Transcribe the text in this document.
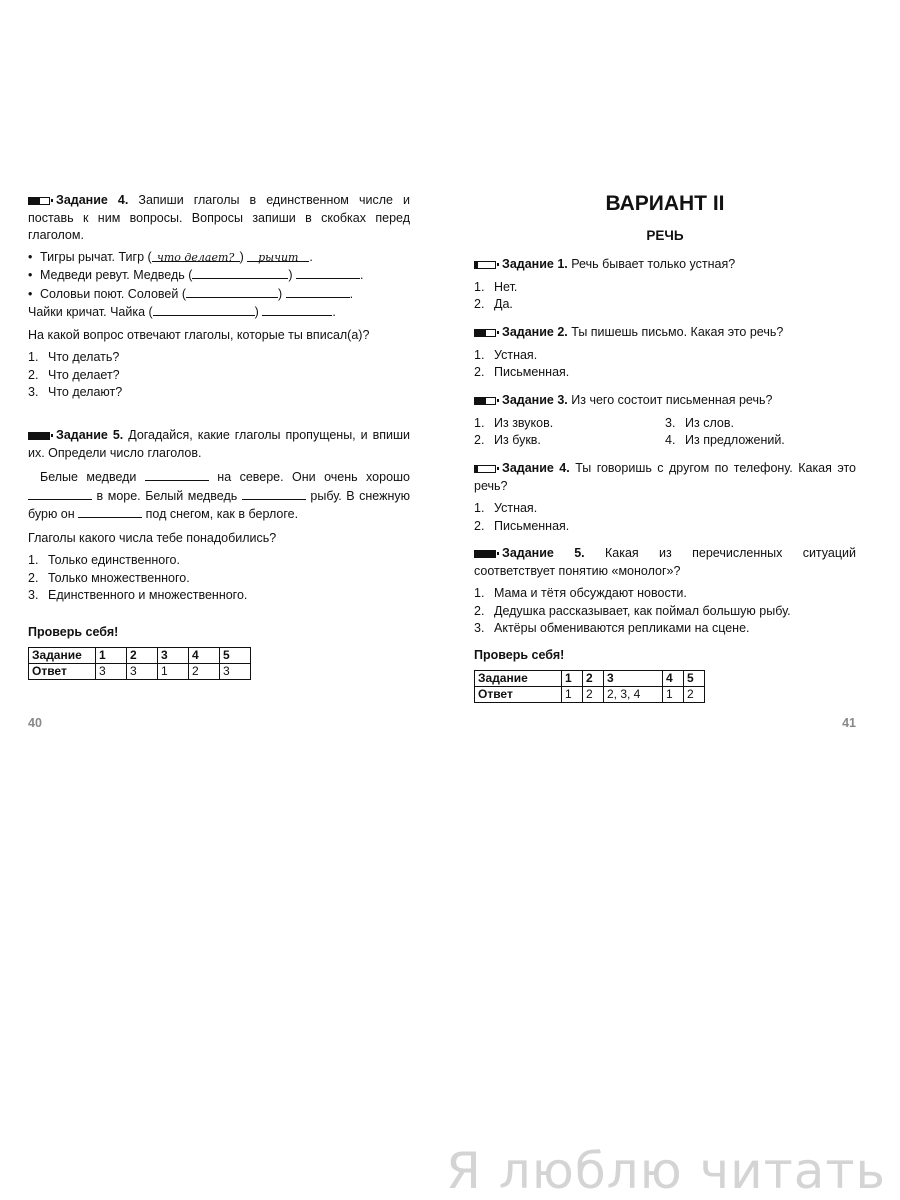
Задание 4. Запиши глаголы в единственном числе и поставь к ним вопросы. Вопросы запиши в скобках перед глаголом.

• Тигры рычат. Тигр ( что делает? ) рычит .
• Медведи ревут. Медведь (	)	.
• Соловьи поют. Соловей (	)	.
Чайки кричат. Чайка (	)	.

На какой вопрос отвечают глаголы, которые ты вписал(а)?

1. Что делать?
2. Что делает?
3. Что делают?

Задание 5. Догадайся, какие глаголы пропущены, и впиши их. Определи число глаголов.

Белые медведи	на севере. Они очень хорошо  в море. Белый медведь	рыбу. В снежную бурю он	под снегом, как в берлоге.

Глаголы какого числа тебе понадобились?

1. Только единственного.
2. Только множественного.
3. Единственного и множественного.
Проверь себя!
Задание	1	2	3	4	5
Ответ	3	3	1	2	3
40
ВАРИАНТ II
РЕЧЬ

Задание 1. Речь бывает только устная?

1. Нет.
2. Да.

Задание 2. Ты пишешь письмо. Какая это речь?

1. Устная.
2. Письменная.

Задание 3. Из чего состоит письменная речь?

1. Из звуков.	3. Из слов.
2. Из букв.	4. Из предложений.

Задание 4. Ты говоришь с другом по телефону. Какая это речь?

1. Устная.
2. Письменная.

Задание 5. Какая из перечисленных ситуаций соответствует понятию «монолог»?

1. Мама и тётя обсуждают новости.
2. Дедушка рассказывает, как поймал большую рыбу.
3. Актёры обмениваются репликами на сцене.
Проверь себя!
Задание	1	2	3	4	5
Ответ	1	2	2, 3, 4	1	2
41
Я люблю читать
